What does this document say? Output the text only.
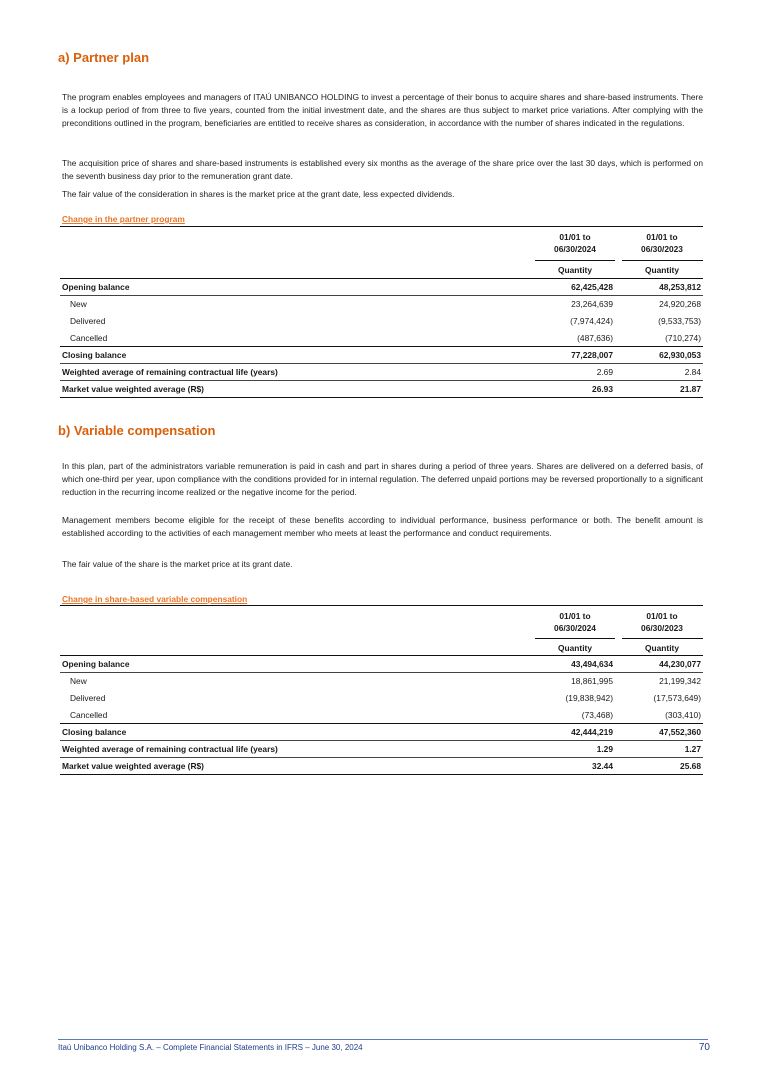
a) Partner plan
The program enables employees and managers of ITAÚ UNIBANCO HOLDING to invest a percentage of their bonus to acquire shares and share-based instruments. There is a lockup period of from three to five years, counted from the initial investment date, and the shares are thus subject to market price variations. After complying with the preconditions outlined in the program, beneficiaries are entitled to receive shares as consideration, in accordance with the number of shares indicated in the regulations.
The acquisition price of shares and share-based instruments is established every six months as the average of the share price over the last 30 days, which is performed on the seventh business day prior to the remuneration grant date.
The fair value of the consideration in shares is the market price at the grant date, less expected dividends.
Change in the partner program
01/01 to
06/30/2024
01/01 to
06/30/2023
Quantity	Quantity
Opening balance	62,425,428	48,253,812
New	23,264,639	24,920,268
Delivered	(7,974,424)	(9,533,753)
Cancelled	(487,636)	(710,274)
Closing balance	77,228,007	62,930,053
Weighted average of remaining contractual life (years)	2.69	2.84
Market value weighted average (R$)	26.93	21.87
b) Variable compensation
In this plan, part of the administrators variable remuneration is paid in cash and part in shares during a period of three years. Shares are delivered on a deferred basis, of which one-third per year, upon compliance with the conditions provided for in internal regulation. The deferred unpaid portions may be reversed proportionally to a significant reduction in the recurring income realized or the negative income for the period.
Management members become eligible for the receipt of these benefits according to individual performance, business performance or both. The benefit amount is established according to the activities of each management member who meets at least the performance and conduct requirements.
The fair value of the share is the market price at its grant date.
Change in share-based variable compensation
01/01 to
06/30/2024
01/01 to
06/30/2023
Quantity	Quantity
Opening balance	43,494,634	44,230,077
New	18,861,995	21,199,342
Delivered	(19,838,942)	(17,573,649)
Cancelled	(73,468)	(303,410)
Closing balance	42,444,219	47,552,360
Weighted average of remaining contractual life (years)	1.29	1.27
Market value weighted average (R$)	32.44	25.68
Itaú Unibanco Holding S.A. – Complete Financial Statements in IFRS – June 30, 2024	70
